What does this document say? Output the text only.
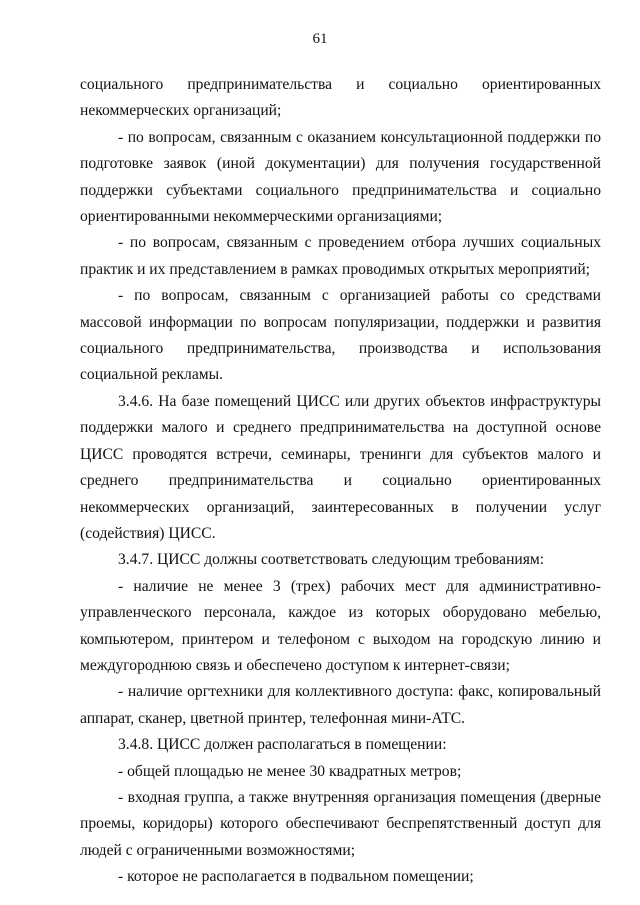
61

социального предпринимательства и социально ориентированных некоммерческих организаций;

- по вопросам, связанным с оказанием консультационной поддержки по подготовке заявок (иной документации) для получения государственной поддержки субъектами социального предпринимательства и социально ориентированными некоммерческими организациями;

- по вопросам, связанным с проведением отбора лучших социальных практик и их представлением в рамках проводимых открытых мероприятий;

- по вопросам, связанным с организацией работы со средствами массовой информации по вопросам популяризации, поддержки и развития социального предпринимательства, производства и использования социальной рекламы.

3.4.6. На базе помещений ЦИСС или других объектов инфраструктуры поддержки малого и среднего предпринимательства на доступной основе ЦИСС проводятся встречи, семинары, тренинги для субъектов малого и среднего предпринимательства и социально ориентированных некоммерческих организаций, заинтересованных в получении услуг (содействия) ЦИСС.

3.4.7. ЦИСС должны соответствовать следующим требованиям:

- наличие не менее 3 (трех) рабочих мест для административно-управленческого персонала, каждое из которых оборудовано мебелью, компьютером, принтером и телефоном с выходом на городскую линию и междугороднюю связь и обеспечено доступом к интернет-связи;

- наличие оргтехники для коллективного доступа: факс, копировальный аппарат, сканер, цветной принтер, телефонная мини-АТС.

3.4.8. ЦИСС должен располагаться в помещении:

- общей площадью не менее 30 квадратных метров;

- входная группа, а также внутренняя организация помещения (дверные проемы, коридоры) которого обеспечивают беспрепятственный доступ для людей с ограниченными возможностями;

- которое не располагается в подвальном помещении;
